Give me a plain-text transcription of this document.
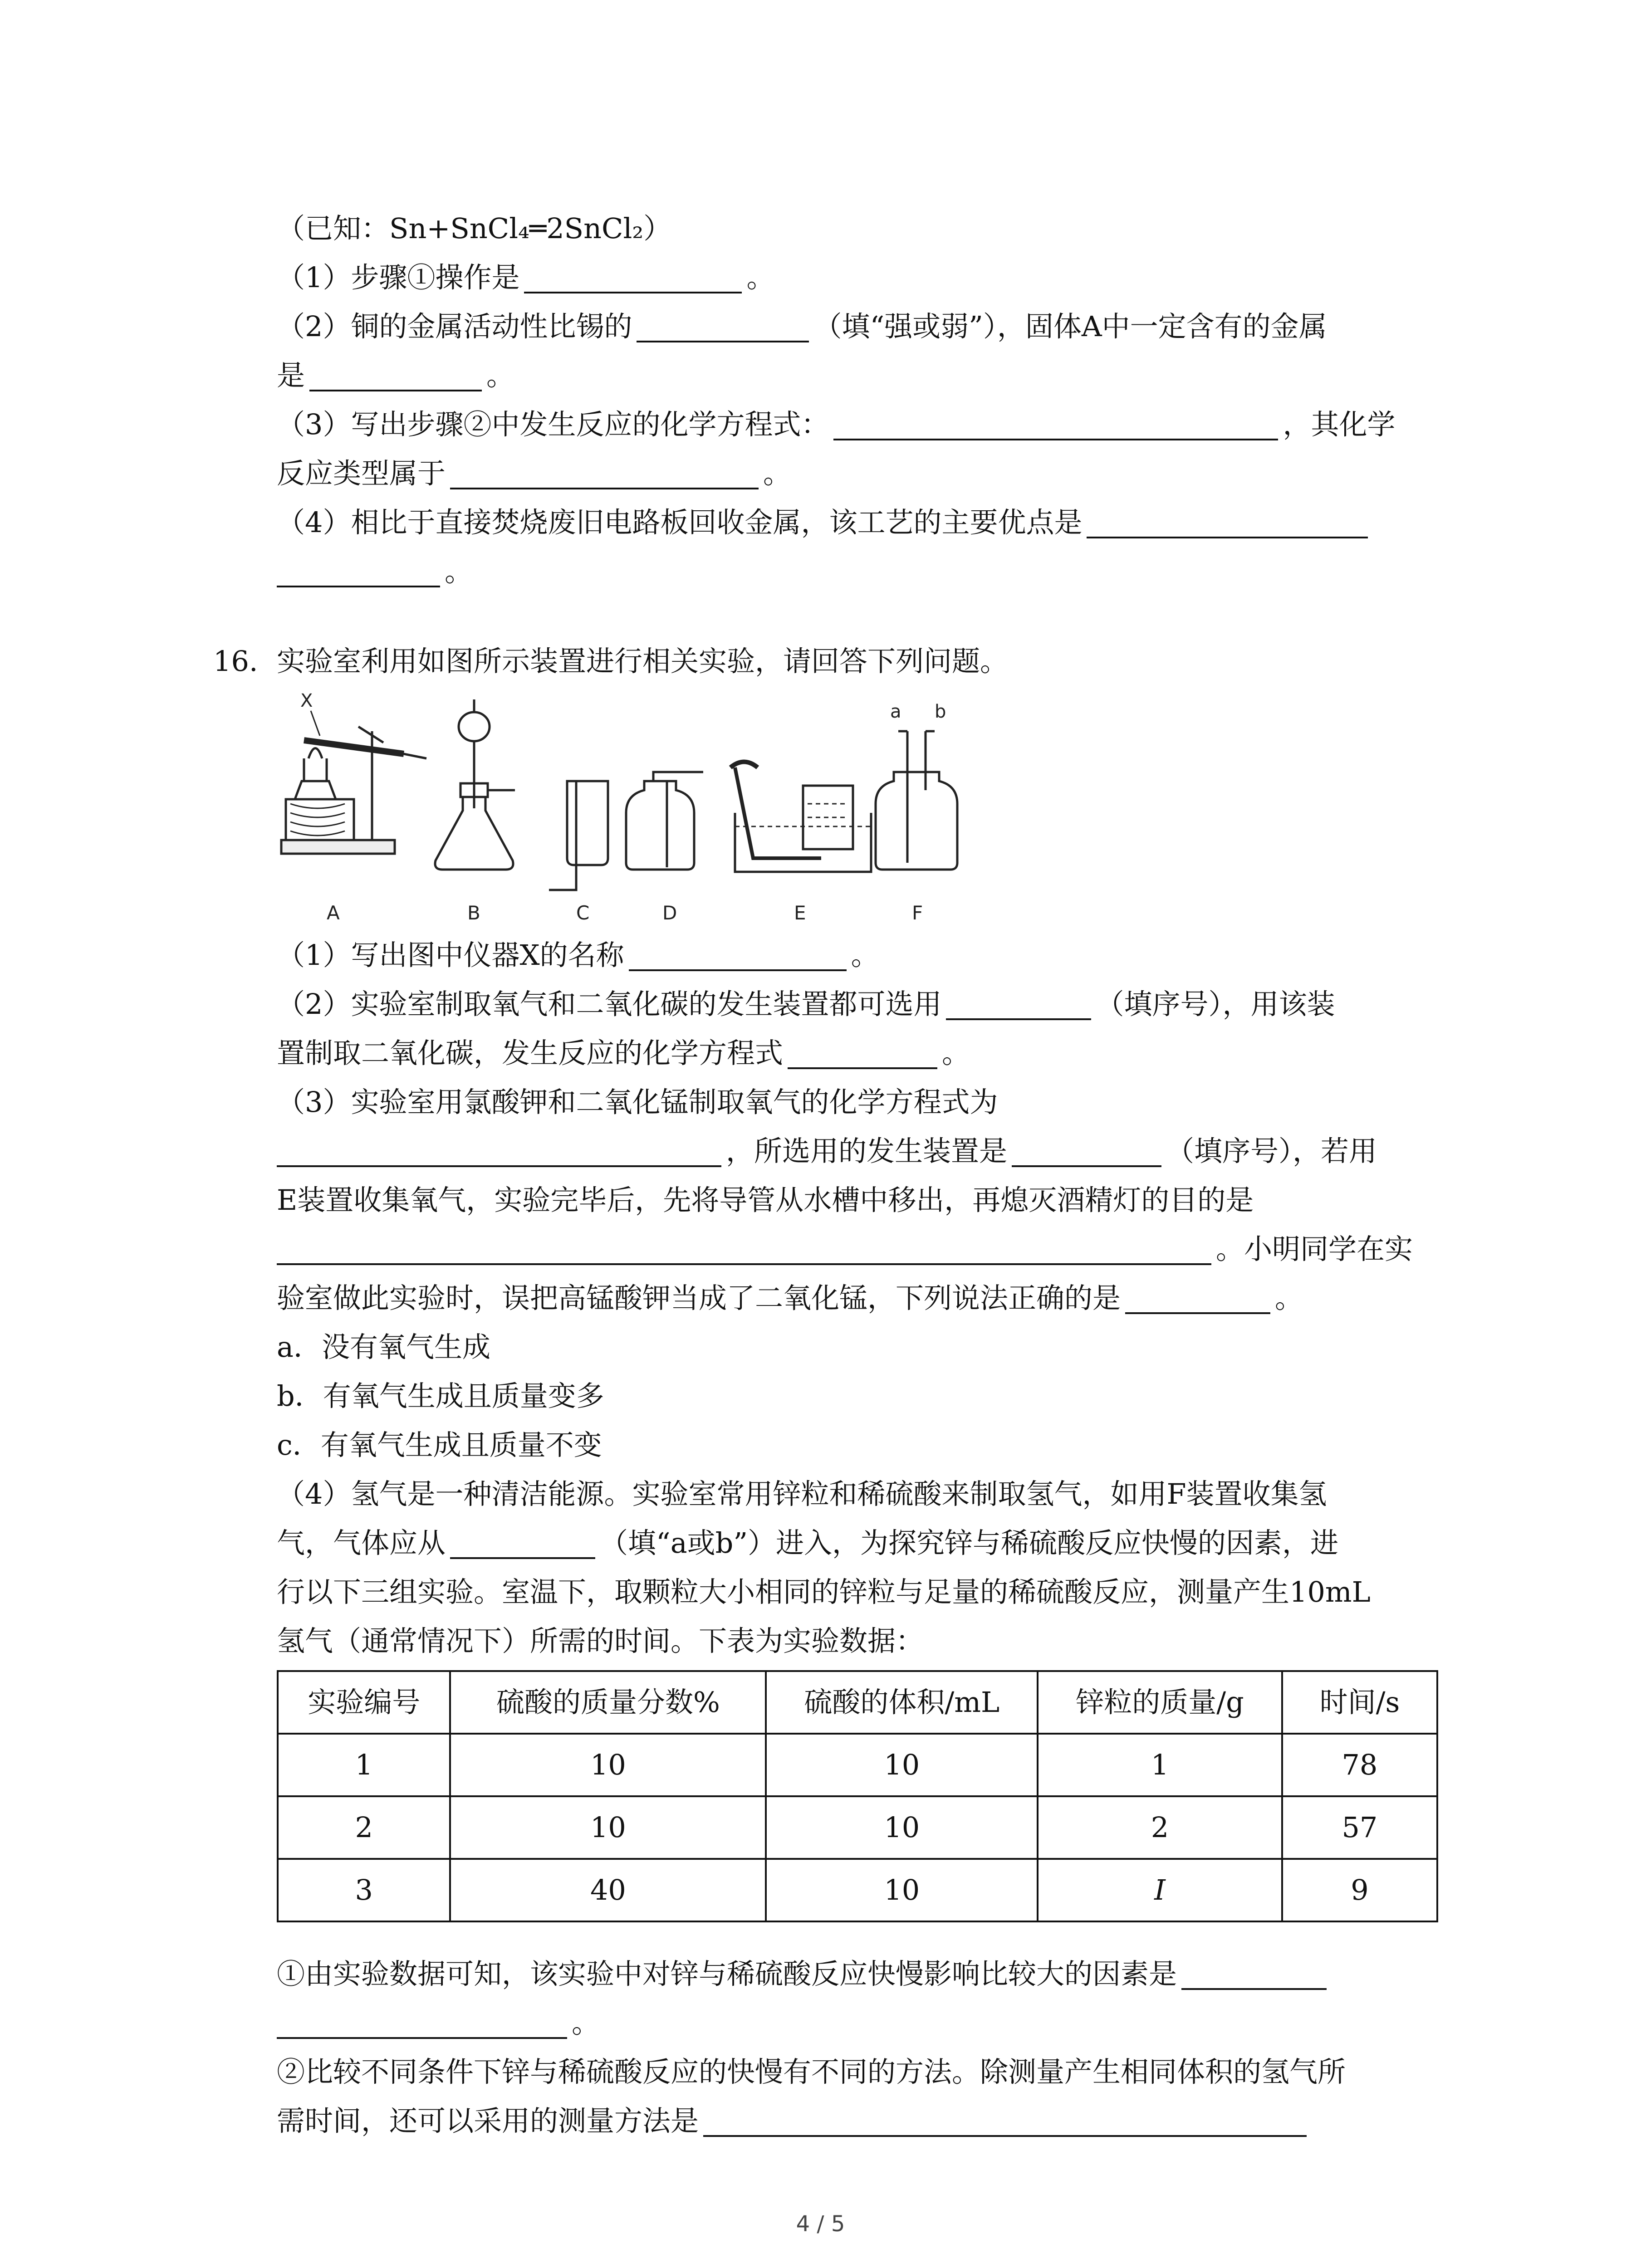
（已知：Sn+SnCl₄═2SnCl₂）
（1）步骤①操作是	。
（2）铜的金属活动性比锡的	（填“强或弱”），固体A中一定含有的金属
是	。
（3）写出步骤②中发生反应的化学方程式：	，其化学
反应类型属于	。
（4）相比于直接焚烧废旧电路板回收金属，该工艺的主要优点是
。
16. 实验室利用如图所示装置进行相关实验，请回答下列问题。
X
A	B	C	D	E
a b
F
（1）写出图中仪器X的名称	。
（2）实验室制取氧气和二氧化碳的发生装置都可选用	（填序号），用该装
置制取二氧化碳，发生反应的化学方程式	。
（3）实验室用氯酸钾和二氧化锰制取氧气的化学方程式为
，所选用的发生装置是	（填序号），若用
E装置收集氧气，实验完毕后，先将导管从水槽中移出，再熄灭酒精灯的目的是
。小明同学在实
验室做此实验时，误把高锰酸钾当成了二氧化锰，下列说法正确的是	。
a．没有氧气生成
b．有氧气生成且质量变多
c．有氧气生成且质量不变
（4）氢气是一种清洁能源。实验室常用锌粒和稀硫酸来制取氢气，如用F装置收集氢
气，气体应从	（填“a或b”）进入，为探究锌与稀硫酸反应快慢的因素，进
行以下三组实验。室温下，取颗粒大小相同的锌粒与足量的稀硫酸反应，测量产生10mL
氢气（通常情况下）所需的时间。下表为实验数据：
实验编号	硫酸的质量分数%	硫酸的体积/mL	锌粒的质量/g	时间/s
1	10	10	1	78
2	10	10	2	57
3	40	10	I	9
①由实验数据可知，该实验中对锌与稀硫酸反应快慢影响比较大的因素是
。
②比较不同条件下锌与稀硫酸反应的快慢有不同的方法。除测量产生相同体积的氢气所
需时间，还可以采用的测量方法是
4 / 5
